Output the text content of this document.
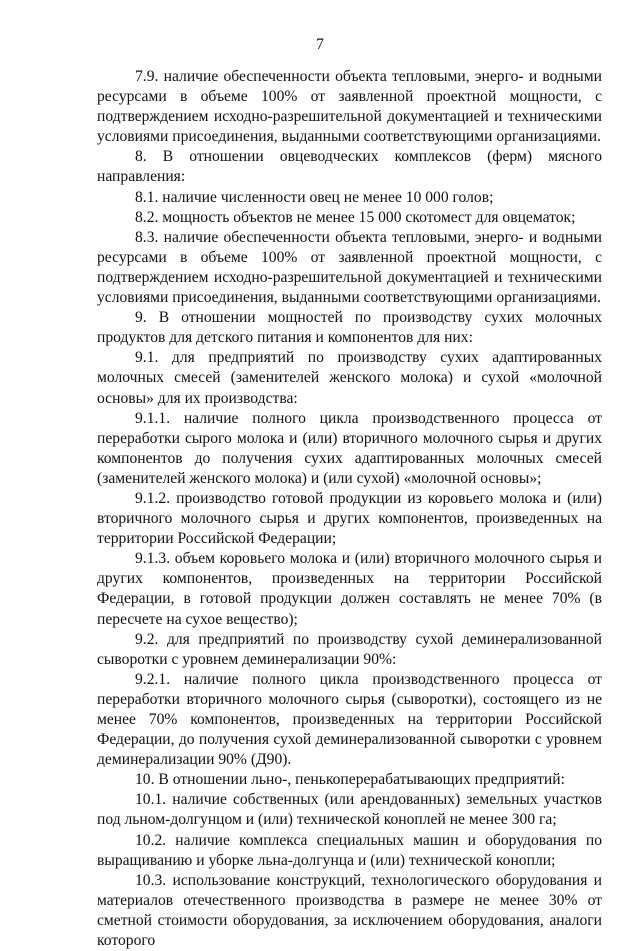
7

7.9. наличие обеспеченности объекта тепловыми, энерго- и водными ресурсами в объеме 100% от заявленной проектной мощности, с подтверждением исходно-разрешительной документацией и техническими условиями присоединения, выданными соответствующими организациями.

8. В отношении овцеводческих комплексов (ферм) мясного направления:

8.1. наличие численности овец не менее 10 000 голов;

8.2. мощность объектов не менее 15 000 скотомест для овцематок;

8.3. наличие обеспеченности объекта тепловыми, энерго- и водными ресурсами в объеме 100% от заявленной проектной мощности, с подтверждением исходно-разрешительной документацией и техническими условиями присоединения, выданными соответствующими организациями.

9. В отношении мощностей по производству сухих молочных продуктов для детского питания и компонентов для них:

9.1. для предприятий по производству сухих адаптированных молочных смесей (заменителей женского молока) и сухой «молочной основы» для их производства:

9.1.1. наличие полного цикла производственного процесса от переработки сырого молока и (или) вторичного молочного сырья и других компонентов до получения сухих адаптированных молочных смесей (заменителей женского молока) и (или сухой) «молочной основы»;

9.1.2. производство готовой продукции из коровьего молока и (или) вторичного молочного сырья и других компонентов, произведенных на территории Российской Федерации;

9.1.3. объем коровьего молока и (или) вторичного молочного сырья и других компонентов, произведенных на территории Российской Федерации, в готовой продукции должен составлять не менее 70% (в пересчете на сухое вещество);

9.2. для предприятий по производству сухой деминерализованной сыворотки с уровнем деминерализации 90%:

9.2.1. наличие полного цикла производственного процесса от переработки вторичного молочного сырья (сыворотки), состоящего из не менее 70% компонентов, произведенных на территории Российской Федерации, до получения сухой деминерализованной сыворотки с уровнем деминерализации 90% (Д90).

10. В отношении льно-, пенькоперерабатывающих предприятий:

10.1. наличие собственных (или арендованных) земельных участков под льном-долгунцом и (или) технической коноплей не менее 300 га;

10.2. наличие комплекса специальных машин и оборудования по выращиванию и уборке льна-долгунца и (или) технической конопли;

10.3. использование конструкций, технологического оборудования и материалов отечественного производства в размере не менее 30% от сметной стоимости оборудования, за исключением оборудования, аналоги которого
